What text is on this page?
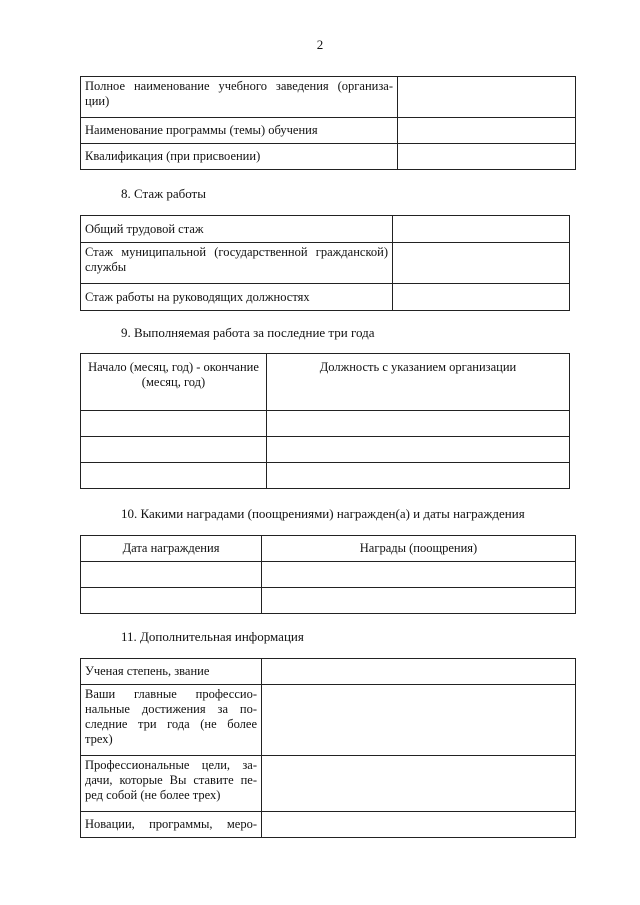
2
Полное наименование учебного заведения (организа-ции)	
Наименование программы (темы) обучения	
Квалификация (при присвоении)	
8. Стаж работы
Общий трудовой стаж	
Стаж муниципальной (государственной гражданской) службы	
Стаж работы на руководящих должностях	
9. Выполняемая работа за последние три года
Начало (месяц, год) - окончание (месяц, год)	Должность с указанием организации

10. Какими наградами (поощрениями) награжден(а) и даты награждения
Дата награждения	Награды (поощрения)

11. Дополнительная информация
Ученая степень, звание	
Ваши главные профессио-нальные достижения за по-следние три года (не более трех)	
Профессиональные цели, за-дачи, которые Вы ставите пе-ред собой (не более трех)	
Новации, программы, меро-	
